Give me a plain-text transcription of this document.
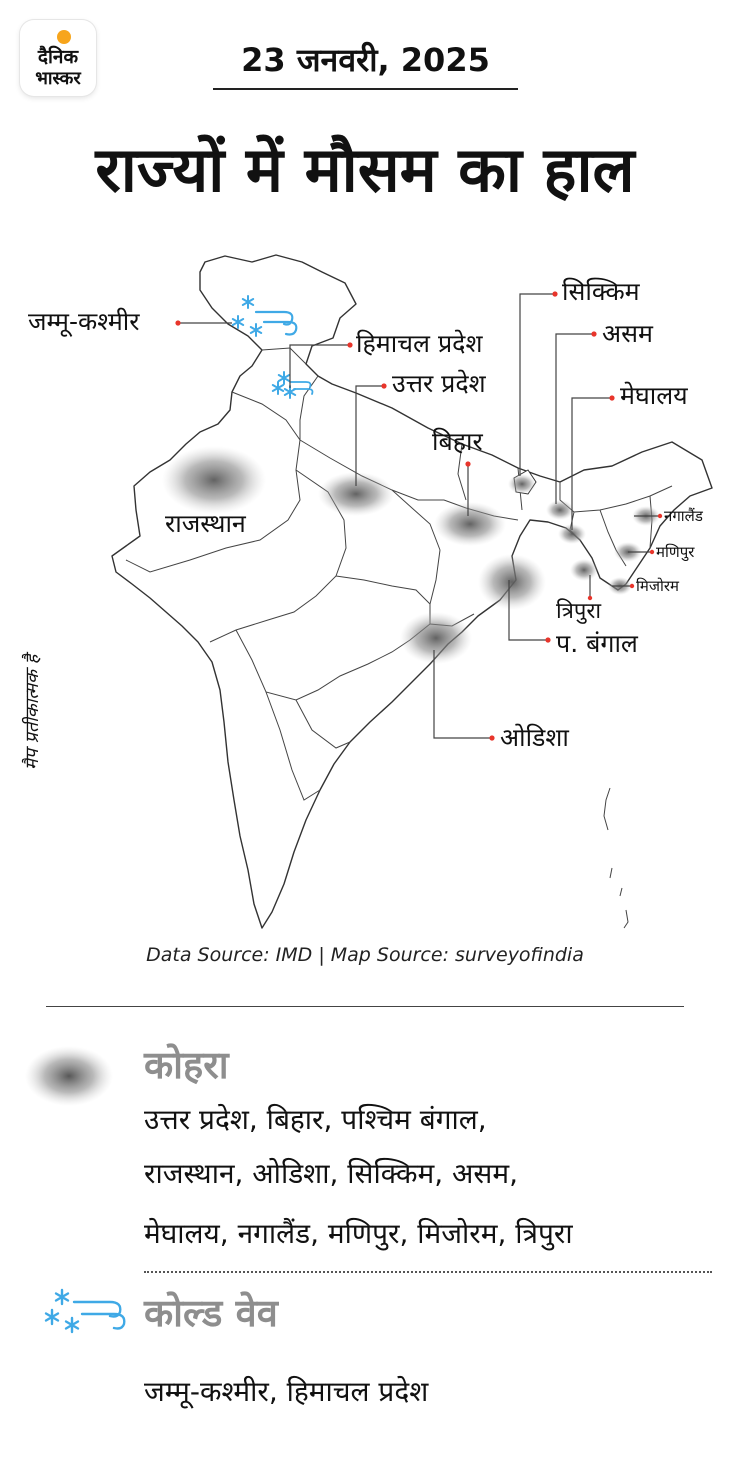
दैनिक
भास्कर	23 जनवरी, 2025
राज्यों में मौसम का हाल
जम्मू-कश्मीर
हिमाचल प्रदेश
उत्तर प्रदेश
बिहार
राजस्थान
सिक्किम
असम
मेघालय
नगालैंड
मणिपुर
मिजोरम
त्रिपुरा
प. बंगाल
ओडिशा
मैप प्रतीकात्मक है
Data Source: IMD | Map Source: surveyofindia
कोहरा
उत्तर प्रदेश, बिहार, पश्चिम बंगाल,
राजस्थान, ओडिशा, सिक्किम, असम,
मेघालय, नगालैंड, मणिपुर, मिजोरम, त्रिपुरा
कोल्ड वेव
जम्मू-कश्मीर, हिमाचल प्रदेश
